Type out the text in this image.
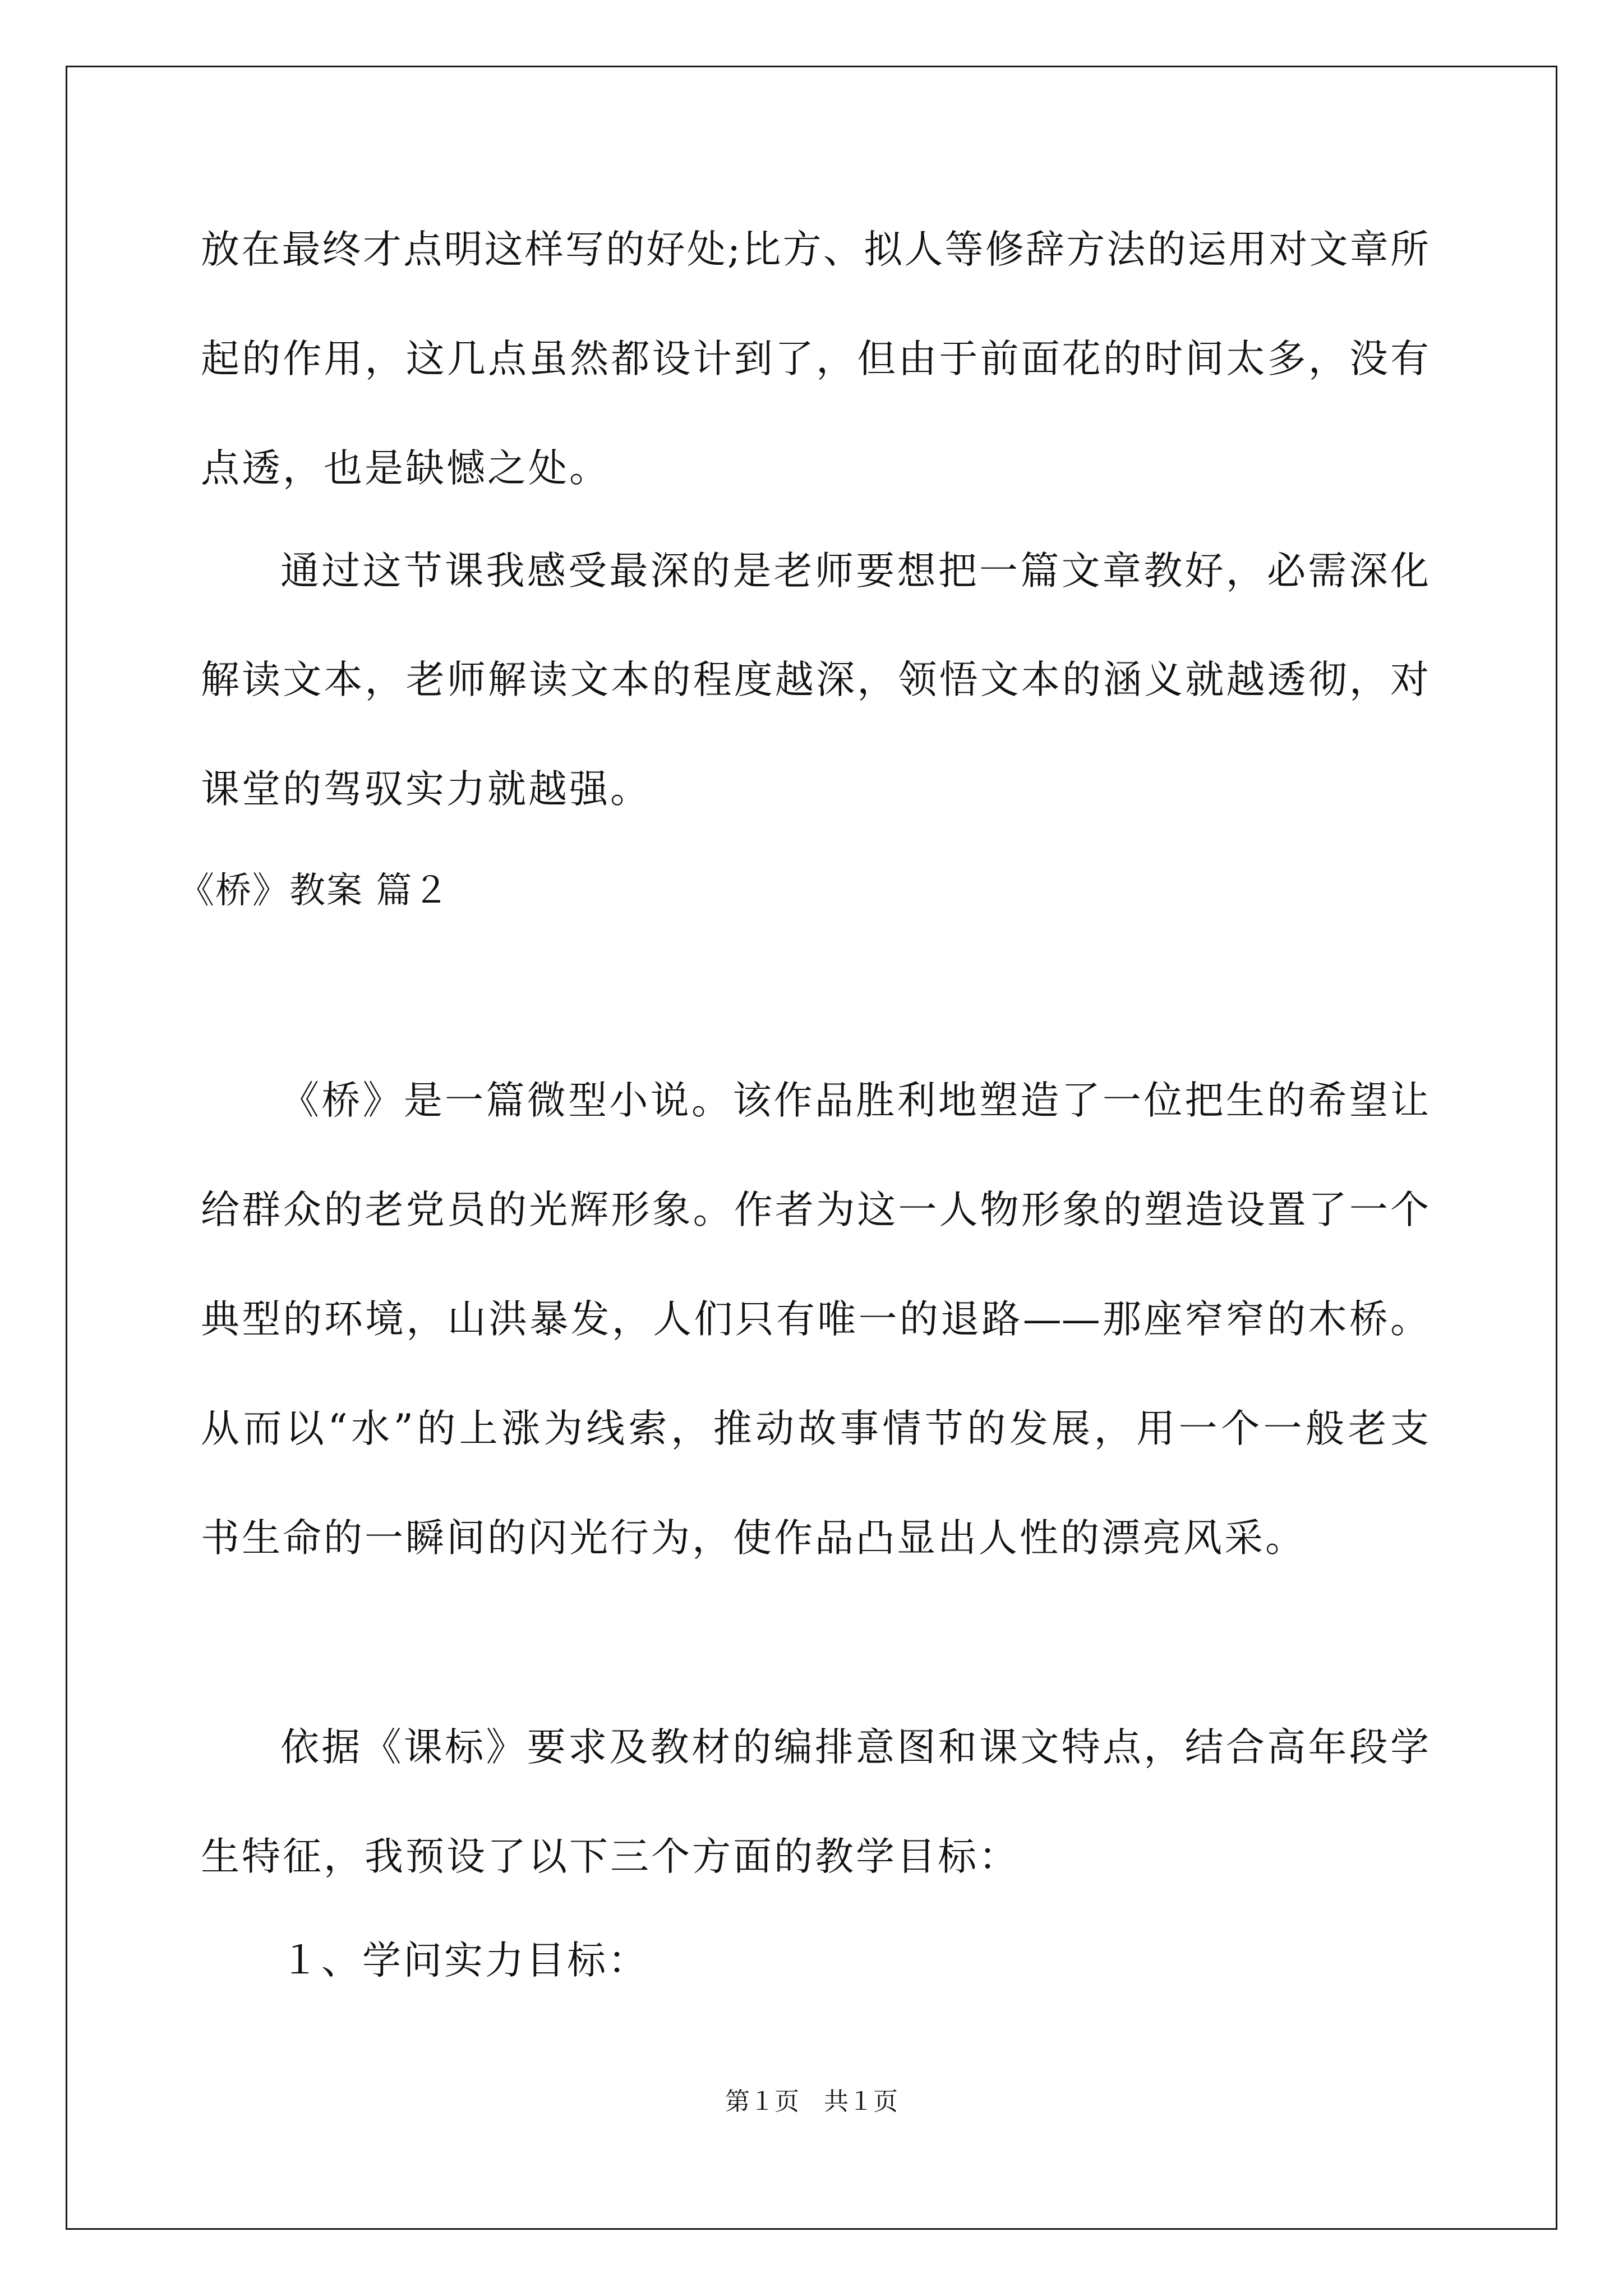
放在最终才点明这样写的好处;比方、拟人等修辞方法的运用对文章所
起的作用，这几点虽然都设计到了，但由于前面花的时间太多，没有
点透，也是缺憾之处。
通过这节课我感受最深的是老师要想把一篇文章教好，必需深化
解读文本，老师解读文本的程度越深，领悟文本的涵义就越透彻，对
课堂的驾驭实力就越强。
《桥》教案 篇２
《桥》是一篇微型小说。该作品胜利地塑造了一位把生的希望让
给群众的老党员的光辉形象。作者为这一人物形象的塑造设置了一个
典型的环境，山洪暴发，人们只有唯一的退路——那座窄窄的木桥。
从而以“水”的上涨为线索，推动故事情节的发展，用一个一般老支
书生命的一瞬间的闪光行为，使作品凸显出人性的漂亮风采。
依据《课标》要求及教材的编排意图和课文特点，结合高年段学
生特征，我预设了以下三个方面的教学目标：
１、学问实力目标：
第１页　共１页
